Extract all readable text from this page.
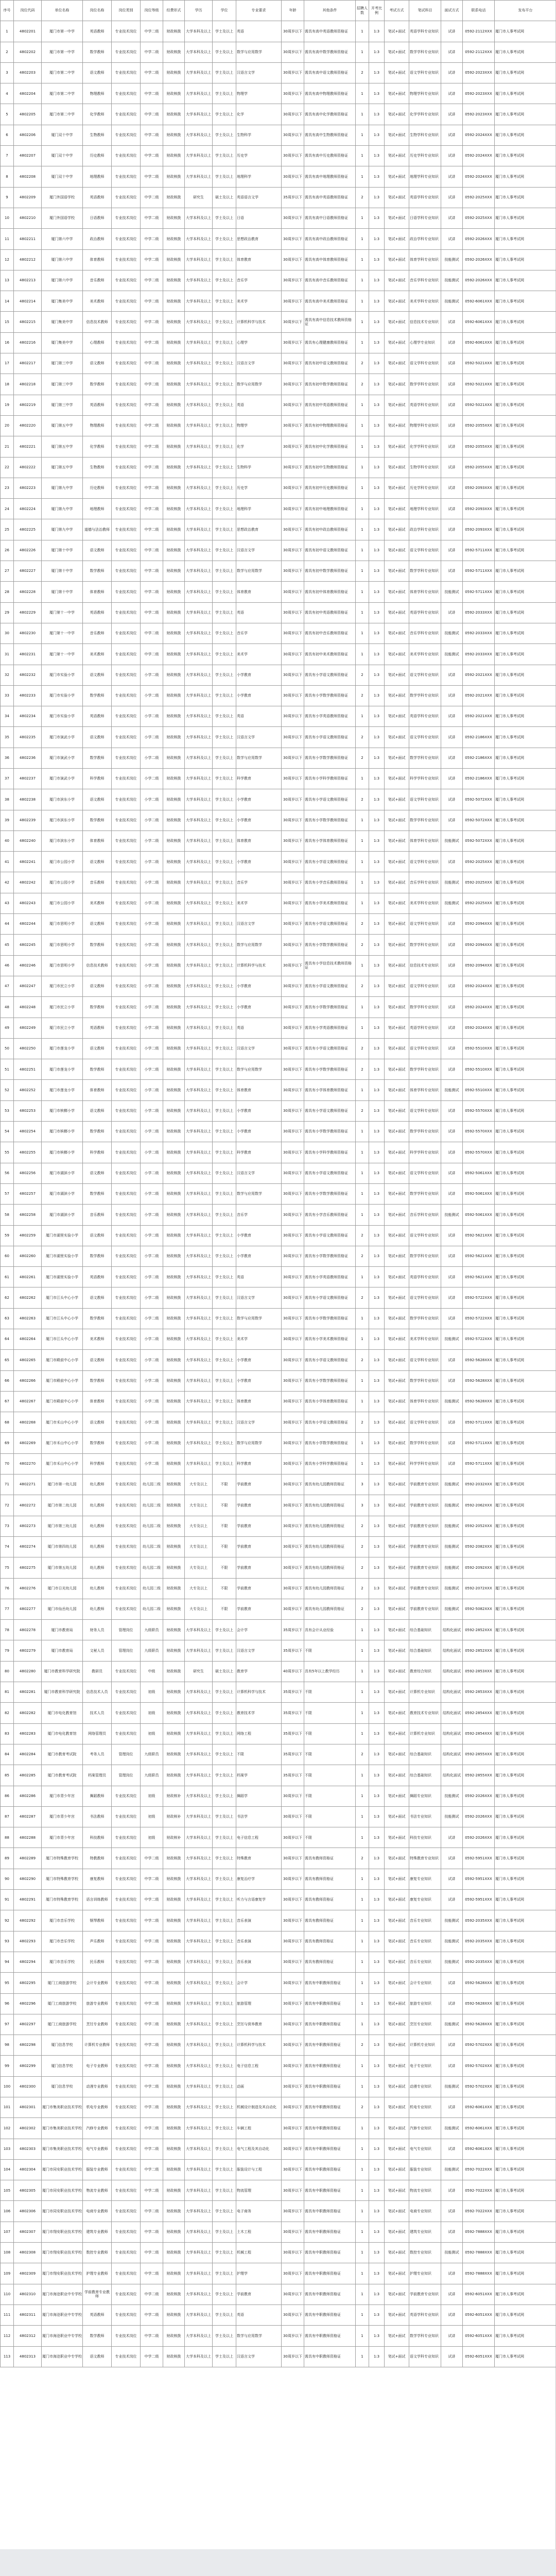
序号	岗位代码	单位名称	岗位名称	岗位类别	岗位等级	经费形式	学历	学位	专业要求	年龄	其他条件	招聘人数	开考比例	考试方式	笔试科目	面试方式	联系电话	发布平台
1	4802201	厦门市第一中学	英语教师	专业技术岗位	中学二级	财政核拨	大学本科及以上	学士及以上	英语	30周岁以下	需具有高中英语教师资格证	1	1:3	笔试+面试	英语学科专业知识	试讲	0592-2112XXX	厦门市人事考试网
2	4802202	厦门市第一中学	数学教师	专业技术岗位	中学二级	财政核拨	大学本科及以上	学士及以上	数学与应用数学	30周岁以下	需具有高中数学教师资格证	1	1:3	笔试+面试	数学学科专业知识	试讲	0592-2112XXX	厦门市人事考试网
3	4802203	厦门市第二中学	语文教师	专业技术岗位	中学二级	财政核拨	大学本科及以上	学士及以上	汉语言文学	30周岁以下	需具有高中语文教师资格证	2	1:3	笔试+面试	语文学科专业知识	试讲	0592-2023XXX	厦门市人事考试网
4	4802204	厦门市第二中学	物理教师	专业技术岗位	中学二级	财政核拨	大学本科及以上	学士及以上	物理学	30周岁以下	需具有高中物理教师资格证	1	1:3	笔试+面试	物理学科专业知识	试讲	0592-2023XXX	厦门市人事考试网
5	4802205	厦门市第二中学	化学教师	专业技术岗位	中学二级	财政核拨	大学本科及以上	学士及以上	化学	30周岁以下	需具有高中化学教师资格证	1	1:3	笔试+面试	化学学科专业知识	试讲	0592-2023XXX	厦门市人事考试网
6	4802206	厦门双十中学	生物教师	专业技术岗位	中学二级	财政核拨	大学本科及以上	学士及以上	生物科学	30周岁以下	需具有高中生物教师资格证	1	1:3	笔试+面试	生物学科专业知识	试讲	0592-2024XXX	厦门市人事考试网
7	4802207	厦门双十中学	历史教师	专业技术岗位	中学二级	财政核拨	大学本科及以上	学士及以上	历史学	30周岁以下	需具有高中历史教师资格证	1	1:3	笔试+面试	历史学科专业知识	试讲	0592-2024XXX	厦门市人事考试网
8	4802208	厦门双十中学	地理教师	专业技术岗位	中学二级	财政核拨	大学本科及以上	学士及以上	地理科学	30周岁以下	需具有高中地理教师资格证	1	1:3	笔试+面试	地理学科专业知识	试讲	0592-2024XXX	厦门市人事考试网
9	4802209	厦门外国语学校	英语教师	专业技术岗位	中学二级	财政核拨	研究生	硕士及以上	英语语言文学	35周岁以下	需具有高中英语教师资格证	2	1:3	笔试+面试	英语学科专业知识	试讲	0592-2025XXX	厦门市人事考试网
10	4802210	厦门外国语学校	日语教师	专业技术岗位	中学二级	财政核拨	大学本科及以上	学士及以上	日语	30周岁以下	需具有高中日语教师资格证	1	1:3	笔试+面试	日语学科专业知识	试讲	0592-2025XXX	厦门市人事考试网
11	4802211	厦门第六中学	政治教师	专业技术岗位	中学二级	财政核拨	大学本科及以上	学士及以上	思想政治教育	30周岁以下	需具有高中政治教师资格证	1	1:3	笔试+面试	政治学科专业知识	试讲	0592-2026XXX	厦门市人事考试网
12	4802212	厦门第六中学	体育教师	专业技术岗位	中学二级	财政核拨	大学本科及以上	学士及以上	体育教育	30周岁以下	需具有高中体育教师资格证	1	1:3	笔试+面试	体育学科专业知识	技能测试	0592-2026XXX	厦门市人事考试网
13	4802213	厦门第六中学	音乐教师	专业技术岗位	中学二级	财政核拨	大学本科及以上	学士及以上	音乐学	30周岁以下	需具有高中音乐教师资格证	1	1:3	笔试+面试	音乐学科专业知识	技能测试	0592-2026XXX	厦门市人事考试网
14	4802214	厦门集美中学	美术教师	专业技术岗位	中学二级	财政核拨	大学本科及以上	学士及以上	美术学	30周岁以下	需具有高中美术教师资格证	1	1:3	笔试+面试	美术学科专业知识	技能测试	0592-6061XXX	厦门市人事考试网
15	4802215	厦门集美中学	信息技术教师	专业技术岗位	中学二级	财政核拨	大学本科及以上	学士及以上	计算机科学与技术	30周岁以下	需具有高中信息技术教师资格证	1	1:3	笔试+面试	信息技术专业知识	试讲	0592-6061XXX	厦门市人事考试网
16	4802216	厦门集美中学	心理教师	专业技术岗位	中学二级	财政核拨	大学本科及以上	学士及以上	心理学	30周岁以下	需具有心理健康教师资格证	1	1:3	笔试+面试	心理学专业知识	试讲	0592-6061XXX	厦门市人事考试网
17	4802217	厦门第三中学	语文教师	专业技术岗位	中学二级	财政核拨	大学本科及以上	学士及以上	汉语言文学	30周岁以下	需具有初中语文教师资格证	2	1:3	笔试+面试	语文学科专业知识	试讲	0592-5021XXX	厦门市人事考试网
18	4802218	厦门第三中学	数学教师	专业技术岗位	中学二级	财政核拨	大学本科及以上	学士及以上	数学与应用数学	30周岁以下	需具有初中数学教师资格证	2	1:3	笔试+面试	数学学科专业知识	试讲	0592-5021XXX	厦门市人事考试网
19	4802219	厦门第三中学	英语教师	专业技术岗位	中学二级	财政核拨	大学本科及以上	学士及以上	英语	30周岁以下	需具有初中英语教师资格证	1	1:3	笔试+面试	英语学科专业知识	试讲	0592-5021XXX	厦门市人事考试网
20	4802220	厦门第五中学	物理教师	专业技术岗位	中学二级	财政核拨	大学本科及以上	学士及以上	物理学	30周岁以下	需具有初中物理教师资格证	1	1:3	笔试+面试	物理学科专业知识	试讲	0592-2055XXX	厦门市人事考试网
21	4802221	厦门第五中学	化学教师	专业技术岗位	中学二级	财政核拨	大学本科及以上	学士及以上	化学	30周岁以下	需具有初中化学教师资格证	1	1:3	笔试+面试	化学学科专业知识	试讲	0592-2055XXX	厦门市人事考试网
22	4802222	厦门第五中学	生物教师	专业技术岗位	中学二级	财政核拨	大学本科及以上	学士及以上	生物科学	30周岁以下	需具有初中生物教师资格证	1	1:3	笔试+面试	生物学科专业知识	试讲	0592-2055XXX	厦门市人事考试网
23	4802223	厦门第九中学	历史教师	专业技术岗位	中学二级	财政核拨	大学本科及以上	学士及以上	历史学	30周岁以下	需具有初中历史教师资格证	1	1:3	笔试+面试	历史学科专业知识	试讲	0592-2093XXX	厦门市人事考试网
24	4802224	厦门第九中学	地理教师	专业技术岗位	中学二级	财政核拨	大学本科及以上	学士及以上	地理科学	30周岁以下	需具有初中地理教师资格证	1	1:3	笔试+面试	地理学科专业知识	试讲	0592-2093XXX	厦门市人事考试网
25	4802225	厦门第九中学	道德与法治教师	专业技术岗位	中学二级	财政核拨	大学本科及以上	学士及以上	思想政治教育	30周岁以下	需具有初中政治教师资格证	1	1:3	笔试+面试	政治学科专业知识	试讲	0592-2093XXX	厦门市人事考试网
26	4802226	厦门第十中学	语文教师	专业技术岗位	中学二级	财政核拨	大学本科及以上	学士及以上	汉语言文学	30周岁以下	需具有初中语文教师资格证	1	1:3	笔试+面试	语文学科专业知识	试讲	0592-5711XXX	厦门市人事考试网
27	4802227	厦门第十中学	数学教师	专业技术岗位	中学二级	财政核拨	大学本科及以上	学士及以上	数学与应用数学	30周岁以下	需具有初中数学教师资格证	1	1:3	笔试+面试	数学学科专业知识	试讲	0592-5711XXX	厦门市人事考试网
28	4802228	厦门第十中学	体育教师	专业技术岗位	中学二级	财政核拨	大学本科及以上	学士及以上	体育教育	30周岁以下	需具有初中体育教师资格证	1	1:3	笔试+面试	体育学科专业知识	技能测试	0592-5711XXX	厦门市人事考试网
29	4802229	厦门第十一中学	英语教师	专业技术岗位	中学二级	财政核拨	大学本科及以上	学士及以上	英语	30周岁以下	需具有初中英语教师资格证	1	1:3	笔试+面试	英语学科专业知识	试讲	0592-2033XXX	厦门市人事考试网
30	4802230	厦门第十一中学	音乐教师	专业技术岗位	中学二级	财政核拨	大学本科及以上	学士及以上	音乐学	30周岁以下	需具有初中音乐教师资格证	1	1:3	笔试+面试	音乐学科专业知识	技能测试	0592-2033XXX	厦门市人事考试网
31	4802231	厦门第十一中学	美术教师	专业技术岗位	中学二级	财政核拨	大学本科及以上	学士及以上	美术学	30周岁以下	需具有初中美术教师资格证	1	1:3	笔试+面试	美术学科专业知识	技能测试	0592-2033XXX	厦门市人事考试网
32	4802232	厦门市实验小学	语文教师	专业技术岗位	小学二级	财政核拨	大学本科及以上	学士及以上	小学教育	30周岁以下	需具有小学语文教师资格证	2	1:3	笔试+面试	语文学科专业知识	试讲	0592-2021XXX	厦门市人事考试网
33	4802233	厦门市实验小学	数学教师	专业技术岗位	小学二级	财政核拨	大学本科及以上	学士及以上	小学教育	30周岁以下	需具有小学数学教师资格证	2	1:3	笔试+面试	数学学科专业知识	试讲	0592-2021XXX	厦门市人事考试网
34	4802234	厦门市实验小学	英语教师	专业技术岗位	小学二级	财政核拨	大学本科及以上	学士及以上	英语	30周岁以下	需具有小学英语教师资格证	1	1:3	笔试+面试	英语学科专业知识	试讲	0592-2021XXX	厦门市人事考试网
35	4802235	厦门市演武小学	语文教师	专业技术岗位	小学二级	财政核拨	大学本科及以上	学士及以上	汉语言文学	30周岁以下	需具有小学语文教师资格证	2	1:3	笔试+面试	语文学科专业知识	试讲	0592-2186XXX	厦门市人事考试网
36	4802236	厦门市演武小学	数学教师	专业技术岗位	小学二级	财政核拨	大学本科及以上	学士及以上	数学与应用数学	30周岁以下	需具有小学数学教师资格证	2	1:3	笔试+面试	数学学科专业知识	试讲	0592-2186XXX	厦门市人事考试网
37	4802237	厦门市演武小学	科学教师	专业技术岗位	小学二级	财政核拨	大学本科及以上	学士及以上	科学教育	30周岁以下	需具有小学科学教师资格证	1	1:3	笔试+面试	科学学科专业知识	试讲	0592-2186XXX	厦门市人事考试网
38	4802238	厦门市滨东小学	语文教师	专业技术岗位	小学二级	财政核拨	大学本科及以上	学士及以上	小学教育	30周岁以下	需具有小学语文教师资格证	2	1:3	笔试+面试	语文学科专业知识	试讲	0592-5072XXX	厦门市人事考试网
39	4802239	厦门市滨东小学	数学教师	专业技术岗位	小学二级	财政核拨	大学本科及以上	学士及以上	小学教育	30周岁以下	需具有小学数学教师资格证	1	1:3	笔试+面试	数学学科专业知识	试讲	0592-5072XXX	厦门市人事考试网
40	4802240	厦门市滨东小学	体育教师	专业技术岗位	小学二级	财政核拨	大学本科及以上	学士及以上	体育教育	30周岁以下	需具有小学体育教师资格证	1	1:3	笔试+面试	体育学科专业知识	技能测试	0592-5072XXX	厦门市人事考试网
41	4802241	厦门市公园小学	语文教师	专业技术岗位	小学二级	财政核拨	大学本科及以上	学士及以上	小学教育	30周岁以下	需具有小学语文教师资格证	1	1:3	笔试+面试	语文学科专业知识	试讲	0592-2025XXX	厦门市人事考试网
42	4802242	厦门市公园小学	音乐教师	专业技术岗位	小学二级	财政核拨	大学本科及以上	学士及以上	音乐学	30周岁以下	需具有小学音乐教师资格证	1	1:3	笔试+面试	音乐学科专业知识	技能测试	0592-2025XXX	厦门市人事考试网
43	4802243	厦门市公园小学	美术教师	专业技术岗位	小学二级	财政核拨	大学本科及以上	学士及以上	美术学	30周岁以下	需具有小学美术教师资格证	1	1:3	笔试+面试	美术学科专业知识	技能测试	0592-2025XXX	厦门市人事考试网
44	4802244	厦门市思明小学	语文教师	专业技术岗位	小学二级	财政核拨	大学本科及以上	学士及以上	汉语言文学	30周岁以下	需具有小学语文教师资格证	2	1:3	笔试+面试	语文学科专业知识	试讲	0592-2094XXX	厦门市人事考试网
45	4802245	厦门市思明小学	数学教师	专业技术岗位	小学二级	财政核拨	大学本科及以上	学士及以上	数学与应用数学	30周岁以下	需具有小学数学教师资格证	2	1:3	笔试+面试	数学学科专业知识	试讲	0592-2094XXX	厦门市人事考试网
46	4802246	厦门市思明小学	信息技术教师	专业技术岗位	小学二级	财政核拨	大学本科及以上	学士及以上	计算机科学与技术	30周岁以下	需具有小学信息技术教师资格证	1	1:3	笔试+面试	信息技术专业知识	试讲	0592-2094XXX	厦门市人事考试网
47	4802247	厦门市民立小学	语文教师	专业技术岗位	小学二级	财政核拨	大学本科及以上	学士及以上	小学教育	30周岁以下	需具有小学语文教师资格证	2	1:3	笔试+面试	语文学科专业知识	试讲	0592-2024XXX	厦门市人事考试网
48	4802248	厦门市民立小学	数学教师	专业技术岗位	小学二级	财政核拨	大学本科及以上	学士及以上	小学教育	30周岁以下	需具有小学数学教师资格证	1	1:3	笔试+面试	数学学科专业知识	试讲	0592-2024XXX	厦门市人事考试网
49	4802249	厦门市民立小学	英语教师	专业技术岗位	小学二级	财政核拨	大学本科及以上	学士及以上	英语	30周岁以下	需具有小学英语教师资格证	1	1:3	笔试+面试	英语学科专业知识	试讲	0592-2024XXX	厦门市人事考试网
50	4802250	厦门市莲龙小学	语文教师	专业技术岗位	小学二级	财政核拨	大学本科及以上	学士及以上	汉语言文学	30周岁以下	需具有小学语文教师资格证	2	1:3	笔试+面试	语文学科专业知识	试讲	0592-5510XXX	厦门市人事考试网
51	4802251	厦门市莲龙小学	数学教师	专业技术岗位	小学二级	财政核拨	大学本科及以上	学士及以上	数学与应用数学	30周岁以下	需具有小学数学教师资格证	2	1:3	笔试+面试	数学学科专业知识	试讲	0592-5510XXX	厦门市人事考试网
52	4802252	厦门市莲龙小学	体育教师	专业技术岗位	小学二级	财政核拨	大学本科及以上	学士及以上	体育教育	30周岁以下	需具有小学体育教师资格证	1	1:3	笔试+面试	体育学科专业知识	技能测试	0592-5510XXX	厦门市人事考试网
53	4802253	厦门市槟榔小学	语文教师	专业技术岗位	小学二级	财政核拨	大学本科及以上	学士及以上	小学教育	30周岁以下	需具有小学语文教师资格证	2	1:3	笔试+面试	语文学科专业知识	试讲	0592-5570XXX	厦门市人事考试网
54	4802254	厦门市槟榔小学	数学教师	专业技术岗位	小学二级	财政核拨	大学本科及以上	学士及以上	小学教育	30周岁以下	需具有小学数学教师资格证	1	1:3	笔试+面试	数学学科专业知识	试讲	0592-5570XXX	厦门市人事考试网
55	4802255	厦门市槟榔小学	科学教师	专业技术岗位	小学二级	财政核拨	大学本科及以上	学士及以上	科学教育	30周岁以下	需具有小学科学教师资格证	1	1:3	笔试+面试	科学学科专业知识	试讲	0592-5570XXX	厦门市人事考试网
56	4802256	厦门市湖滨小学	语文教师	专业技术岗位	小学二级	财政核拨	大学本科及以上	学士及以上	汉语言文学	30周岁以下	需具有小学语文教师资格证	1	1:3	笔试+面试	语文学科专业知识	试讲	0592-5061XXX	厦门市人事考试网
57	4802257	厦门市湖滨小学	数学教师	专业技术岗位	小学二级	财政核拨	大学本科及以上	学士及以上	数学与应用数学	30周岁以下	需具有小学数学教师资格证	1	1:3	笔试+面试	数学学科专业知识	试讲	0592-5061XXX	厦门市人事考试网
58	4802258	厦门市湖滨小学	音乐教师	专业技术岗位	小学二级	财政核拨	大学本科及以上	学士及以上	音乐学	30周岁以下	需具有小学音乐教师资格证	1	1:3	笔试+面试	音乐学科专业知识	技能测试	0592-5061XXX	厦门市人事考试网
59	4802259	厦门市湖里实验小学	语文教师	专业技术岗位	小学二级	财政核拨	大学本科及以上	学士及以上	小学教育	30周岁以下	需具有小学语文教师资格证	2	1:3	笔试+面试	语文学科专业知识	试讲	0592-5621XXX	厦门市人事考试网
60	4802260	厦门市湖里实验小学	数学教师	专业技术岗位	小学二级	财政核拨	大学本科及以上	学士及以上	小学教育	30周岁以下	需具有小学数学教师资格证	2	1:3	笔试+面试	数学学科专业知识	试讲	0592-5621XXX	厦门市人事考试网
61	4802261	厦门市湖里实验小学	英语教师	专业技术岗位	小学二级	财政核拨	大学本科及以上	学士及以上	英语	30周岁以下	需具有小学英语教师资格证	1	1:3	笔试+面试	英语学科专业知识	试讲	0592-5621XXX	厦门市人事考试网
62	4802262	厦门市江头中心小学	语文教师	专业技术岗位	小学二级	财政核拨	大学本科及以上	学士及以上	汉语言文学	30周岁以下	需具有小学语文教师资格证	2	1:3	笔试+面试	语文学科专业知识	试讲	0592-5722XXX	厦门市人事考试网
63	4802263	厦门市江头中心小学	数学教师	专业技术岗位	小学二级	财政核拨	大学本科及以上	学士及以上	数学与应用数学	30周岁以下	需具有小学数学教师资格证	1	1:3	笔试+面试	数学学科专业知识	试讲	0592-5722XXX	厦门市人事考试网
64	4802264	厦门市江头中心小学	美术教师	专业技术岗位	小学二级	财政核拨	大学本科及以上	学士及以上	美术学	30周岁以下	需具有小学美术教师资格证	1	1:3	笔试+面试	美术学科专业知识	技能测试	0592-5722XXX	厦门市人事考试网
65	4802265	厦门市殿前中心小学	语文教师	专业技术岗位	小学二级	财政核拨	大学本科及以上	学士及以上	小学教育	30周岁以下	需具有小学语文教师资格证	2	1:3	笔试+面试	语文学科专业知识	试讲	0592-5628XXX	厦门市人事考试网
66	4802266	厦门市殿前中心小学	数学教师	专业技术岗位	小学二级	财政核拨	大学本科及以上	学士及以上	小学教育	30周岁以下	需具有小学数学教师资格证	1	1:3	笔试+面试	数学学科专业知识	试讲	0592-5628XXX	厦门市人事考试网
67	4802267	厦门市殿前中心小学	体育教师	专业技术岗位	小学二级	财政核拨	大学本科及以上	学士及以上	体育教育	30周岁以下	需具有小学体育教师资格证	1	1:3	笔试+面试	体育学科专业知识	技能测试	0592-5628XXX	厦门市人事考试网
68	4802268	厦门市禾山中心小学	语文教师	专业技术岗位	小学二级	财政核拨	大学本科及以上	学士及以上	汉语言文学	30周岁以下	需具有小学语文教师资格证	2	1:3	笔试+面试	语文学科专业知识	试讲	0592-5711XXX	厦门市人事考试网
69	4802269	厦门市禾山中心小学	数学教师	专业技术岗位	小学二级	财政核拨	大学本科及以上	学士及以上	数学与应用数学	30周岁以下	需具有小学数学教师资格证	1	1:3	笔试+面试	数学学科专业知识	试讲	0592-5711XXX	厦门市人事考试网
70	4802270	厦门市禾山中心小学	科学教师	专业技术岗位	小学二级	财政核拨	大学本科及以上	学士及以上	科学教育	30周岁以下	需具有小学科学教师资格证	1	1:3	笔试+面试	科学学科专业知识	试讲	0592-5711XXX	厦门市人事考试网
71	4802271	厦门市第一幼儿园	幼儿教师	专业技术岗位	幼儿园二级	财政核拨	大专及以上	不限	学前教育	30周岁以下	需具有幼儿园教师资格证	3	1:3	笔试+面试	学前教育专业知识	技能测试	0592-2032XXX	厦门市人事考试网
72	4802272	厦门市第二幼儿园	幼儿教师	专业技术岗位	幼儿园二级	财政核拨	大专及以上	不限	学前教育	30周岁以下	需具有幼儿园教师资格证	3	1:3	笔试+面试	学前教育专业知识	技能测试	0592-2062XXX	厦门市人事考试网
73	4802273	厦门市第三幼儿园	幼儿教师	专业技术岗位	幼儿园二级	财政核拨	大专及以上	不限	学前教育	30周岁以下	需具有幼儿园教师资格证	2	1:3	笔试+面试	学前教育专业知识	技能测试	0592-2052XXX	厦门市人事考试网
74	4802274	厦门市第四幼儿园	幼儿教师	专业技术岗位	幼儿园二级	财政核拨	大专及以上	不限	学前教育	30周岁以下	需具有幼儿园教师资格证	2	1:3	笔试+面试	学前教育专业知识	技能测试	0592-2082XXX	厦门市人事考试网
75	4802275	厦门市第五幼儿园	幼儿教师	专业技术岗位	幼儿园二级	财政核拨	大专及以上	不限	学前教育	30周岁以下	需具有幼儿园教师资格证	2	1:3	笔试+面试	学前教育专业知识	技能测试	0592-2092XXX	厦门市人事考试网
76	4802276	厦门市日光幼儿园	幼儿教师	专业技术岗位	幼儿园二级	财政核拨	大专及以上	不限	学前教育	30周岁以下	需具有幼儿园教师资格证	2	1:3	笔试+面试	学前教育专业知识	技能测试	0592-2072XXX	厦门市人事考试网
77	4802277	厦门市仙岳幼儿园	幼儿教师	专业技术岗位	幼儿园二级	财政核拨	大专及以上	不限	学前教育	30周岁以下	需具有幼儿园教师资格证	2	1:3	笔试+面试	学前教育专业知识	技能测试	0592-5082XXX	厦门市人事考试网
78	4802278	厦门市教育局	财务人员	管理岗位	九级职员	财政核拨	大学本科及以上	学士及以上	会计学	35周岁以下	具有会计从业经验	1	1:3	笔试+面试	综合基础知识	结构化面试	0592-2852XXX	厦门市人事考试网
79	4802279	厦门市教育局	文秘人员	管理岗位	九级职员	财政核拨	大学本科及以上	学士及以上	汉语言文学	35周岁以下	不限	1	1:3	笔试+面试	综合基础知识	结构化面试	0592-2852XXX	厦门市人事考试网
80	4802280	厦门市教育科学研究院	教研员	专业技术岗位	中级	财政核拨	研究生	硕士及以上	教育学	40周岁以下	具有5年以上教学经历	1	1:3	笔试+面试	教育综合知识	结构化面试	0592-2853XXX	厦门市人事考试网
81	4802281	厦门市教育科学研究院	信息技术人员	专业技术岗位	初级	财政核拨	大学本科及以上	学士及以上	计算机科学与技术	35周岁以下	不限	1	1:3	笔试+面试	计算机专业知识	结构化面试	0592-2853XXX	厦门市人事考试网
82	4802282	厦门市电化教育馆	技术人员	专业技术岗位	初级	财政核拨	大学本科及以上	学士及以上	教育技术学	35周岁以下	不限	1	1:3	笔试+面试	教育技术专业知识	结构化面试	0592-2854XXX	厦门市人事考试网
83	4802283	厦门市电化教育馆	网络管理员	专业技术岗位	初级	财政核拨	大学本科及以上	学士及以上	网络工程	35周岁以下	不限	1	1:3	笔试+面试	计算机专业知识	结构化面试	0592-2854XXX	厦门市人事考试网
84	4802284	厦门市教育考试院	考务人员	管理岗位	九级职员	财政核拨	大学本科及以上	学士及以上	不限	35周岁以下	不限	2	1:3	笔试+面试	综合基础知识	结构化面试	0592-2855XXX	厦门市人事考试网
85	4802285	厦门市教育考试院	档案管理员	管理岗位	九级职员	财政核拨	大学本科及以上	学士及以上	档案学	35周岁以下	不限	1	1:3	笔试+面试	综合基础知识	结构化面试	0592-2855XXX	厦门市人事考试网
86	4802286	厦门市青少年宫	舞蹈教师	专业技术岗位	初级	财政核补	大学本科及以上	学士及以上	舞蹈学	30周岁以下	不限	1	1:3	笔试+面试	舞蹈专业知识	技能测试	0592-2026XXX	厦门市人事考试网
87	4802287	厦门市青少年宫	书法教师	专业技术岗位	初级	财政核补	大学本科及以上	学士及以上	书法学	30周岁以下	不限	1	1:3	笔试+面试	书法专业知识	技能测试	0592-2026XXX	厦门市人事考试网
88	4802288	厦门市青少年宫	科技教师	专业技术岗位	初级	财政核补	大学本科及以上	学士及以上	电子信息工程	30周岁以下	不限	1	1:3	笔试+面试	科技专业知识	试讲	0592-2026XXX	厦门市人事考试网
89	4802289	厦门市特殊教育学校	特教教师	专业技术岗位	中学二级	财政核拨	大学本科及以上	学士及以上	特殊教育	30周岁以下	需具有教师资格证	2	1:3	笔试+面试	特殊教育专业知识	试讲	0592-5951XXX	厦门市人事考试网
90	4802290	厦门市特殊教育学校	康复教师	专业技术岗位	中学二级	财政核拨	大学本科及以上	学士及以上	康复治疗学	30周岁以下	需具有教师资格证	1	1:3	笔试+面试	康复专业知识	试讲	0592-5951XXX	厦门市人事考试网
91	4802291	厦门市特殊教育学校	语言训练教师	专业技术岗位	中学二级	财政核拨	大学本科及以上	学士及以上	听力与言语康复学	30周岁以下	需具有教师资格证	1	1:3	笔试+面试	康复专业知识	试讲	0592-5951XXX	厦门市人事考试网
92	4802292	厦门市音乐学校	钢琴教师	专业技术岗位	中学二级	财政核拨	大学本科及以上	学士及以上	音乐表演	30周岁以下	需具有教师资格证	1	1:3	笔试+面试	音乐专业知识	技能测试	0592-2035XXX	厦门市人事考试网
93	4802293	厦门市音乐学校	声乐教师	专业技术岗位	中学二级	财政核拨	大学本科及以上	学士及以上	音乐表演	30周岁以下	需具有教师资格证	1	1:3	笔试+面试	音乐专业知识	技能测试	0592-2035XXX	厦门市人事考试网
94	4802294	厦门市音乐学校	民乐教师	专业技术岗位	中学二级	财政核拨	大学本科及以上	学士及以上	音乐表演	30周岁以下	需具有教师资格证	1	1:3	笔试+面试	音乐专业知识	技能测试	0592-2035XXX	厦门市人事考试网
95	4802295	厦门工商旅游学校	会计专业教师	专业技术岗位	中学二级	财政核拨	大学本科及以上	学士及以上	会计学	30周岁以下	需具有中职教师资格证	1	1:3	笔试+面试	会计专业知识	试讲	0592-5628XXX	厦门市人事考试网
96	4802296	厦门工商旅游学校	旅游专业教师	专业技术岗位	中学二级	财政核拨	大学本科及以上	学士及以上	旅游管理	30周岁以下	需具有中职教师资格证	1	1:3	笔试+面试	旅游专业知识	试讲	0592-5628XXX	厦门市人事考试网
97	4802297	厦门工商旅游学校	烹饪专业教师	专业技术岗位	中学二级	财政核拨	大学本科及以上	学士及以上	烹饪与营养教育	30周岁以下	需具有中职教师资格证	1	1:3	笔试+面试	烹饪专业知识	技能测试	0592-5628XXX	厦门市人事考试网
98	4802298	厦门信息学校	计算机专业教师	专业技术岗位	中学二级	财政核拨	大学本科及以上	学士及以上	计算机科学与技术	30周岁以下	需具有中职教师资格证	2	1:3	笔试+面试	计算机专业知识	试讲	0592-5702XXX	厦门市人事考试网
99	4802299	厦门信息学校	电子专业教师	专业技术岗位	中学二级	财政核拨	大学本科及以上	学士及以上	电子信息工程	30周岁以下	需具有中职教师资格证	1	1:3	笔试+面试	电子专业知识	试讲	0592-5702XXX	厦门市人事考试网
100	4802300	厦门信息学校	动漫专业教师	专业技术岗位	中学二级	财政核拨	大学本科及以上	学士及以上	动画	30周岁以下	需具有中职教师资格证	1	1:3	笔试+面试	动漫专业知识	技能测试	0592-5702XXX	厦门市人事考试网
101	4802301	厦门市集美职业技术学校	机电专业教师	专业技术岗位	中学二级	财政核拨	大学本科及以上	学士及以上	机械设计制造及其自动化	30周岁以下	需具有中职教师资格证	2	1:3	笔试+面试	机电专业知识	试讲	0592-6061XXX	厦门市人事考试网
102	4802302	厦门市集美职业技术学校	汽修专业教师	专业技术岗位	中学二级	财政核拨	大学本科及以上	学士及以上	车辆工程	30周岁以下	需具有中职教师资格证	1	1:3	笔试+面试	汽修专业知识	技能测试	0592-6061XXX	厦门市人事考试网
103	4802303	厦门市集美职业技术学校	电气专业教师	专业技术岗位	中学二级	财政核拨	大学本科及以上	学士及以上	电气工程及其自动化	30周岁以下	需具有中职教师资格证	1	1:3	笔试+面试	电气专业知识	试讲	0592-6061XXX	厦门市人事考试网
104	4802304	厦门市同安职业技术学校	服装专业教师	专业技术岗位	中学二级	财政核拨	大学本科及以上	学士及以上	服装设计与工程	30周岁以下	需具有中职教师资格证	1	1:3	笔试+面试	服装专业知识	技能测试	0592-7022XXX	厦门市人事考试网
105	4802305	厦门市同安职业技术学校	物流专业教师	专业技术岗位	中学二级	财政核拨	大学本科及以上	学士及以上	物流管理	30周岁以下	需具有中职教师资格证	1	1:3	笔试+面试	物流专业知识	试讲	0592-7022XXX	厦门市人事考试网
106	4802306	厦门市同安职业技术学校	电商专业教师	专业技术岗位	中学二级	财政核拨	大学本科及以上	学士及以上	电子商务	30周岁以下	需具有中职教师资格证	1	1:3	笔试+面试	电商专业知识	试讲	0592-7022XXX	厦门市人事考试网
107	4802307	厦门市翔安职业技术学校	建筑专业教师	专业技术岗位	中学二级	财政核拨	大学本科及以上	学士及以上	土木工程	30周岁以下	需具有中职教师资格证	1	1:3	笔试+面试	建筑专业知识	试讲	0592-7888XXX	厦门市人事考试网
108	4802308	厦门市翔安职业技术学校	数控专业教师	专业技术岗位	中学二级	财政核拨	大学本科及以上	学士及以上	机械工程	30周岁以下	需具有中职教师资格证	1	1:3	笔试+面试	数控专业知识	技能测试	0592-7888XXX	厦门市人事考试网
109	4802309	厦门市翔安职业技术学校	护理专业教师	专业技术岗位	中学二级	财政核拨	大学本科及以上	学士及以上	护理学	30周岁以下	需具有中职教师资格证	1	1:3	笔试+面试	护理专业知识	试讲	0592-7888XXX	厦门市人事考试网
110	4802310	厦门市海沧职业中专学校	学前教育专业教师	专业技术岗位	中学二级	财政核拨	大学本科及以上	学士及以上	学前教育	30周岁以下	需具有中职教师资格证	1	1:3	笔试+面试	学前教育专业知识	试讲	0592-6051XXX	厦门市人事考试网
111	4802311	厦门市海沧职业中专学校	英语教师	专业技术岗位	中学二级	财政核拨	大学本科及以上	学士及以上	英语	30周岁以下	需具有中职教师资格证	1	1:3	笔试+面试	英语学科专业知识	试讲	0592-6051XXX	厦门市人事考试网
112	4802312	厦门市海沧职业中专学校	数学教师	专业技术岗位	中学二级	财政核拨	大学本科及以上	学士及以上	数学与应用数学	30周岁以下	需具有中职教师资格证	1	1:3	笔试+面试	数学学科专业知识	试讲	0592-6051XXX	厦门市人事考试网
113	4802313	厦门市海沧职业中专学校	语文教师	专业技术岗位	中学二级	财政核拨	大学本科及以上	学士及以上	汉语言文学	30周岁以下	需具有中职教师资格证	1	1:3	笔试+面试	语文学科专业知识	试讲	0592-6051XXX	厦门市人事考试网
